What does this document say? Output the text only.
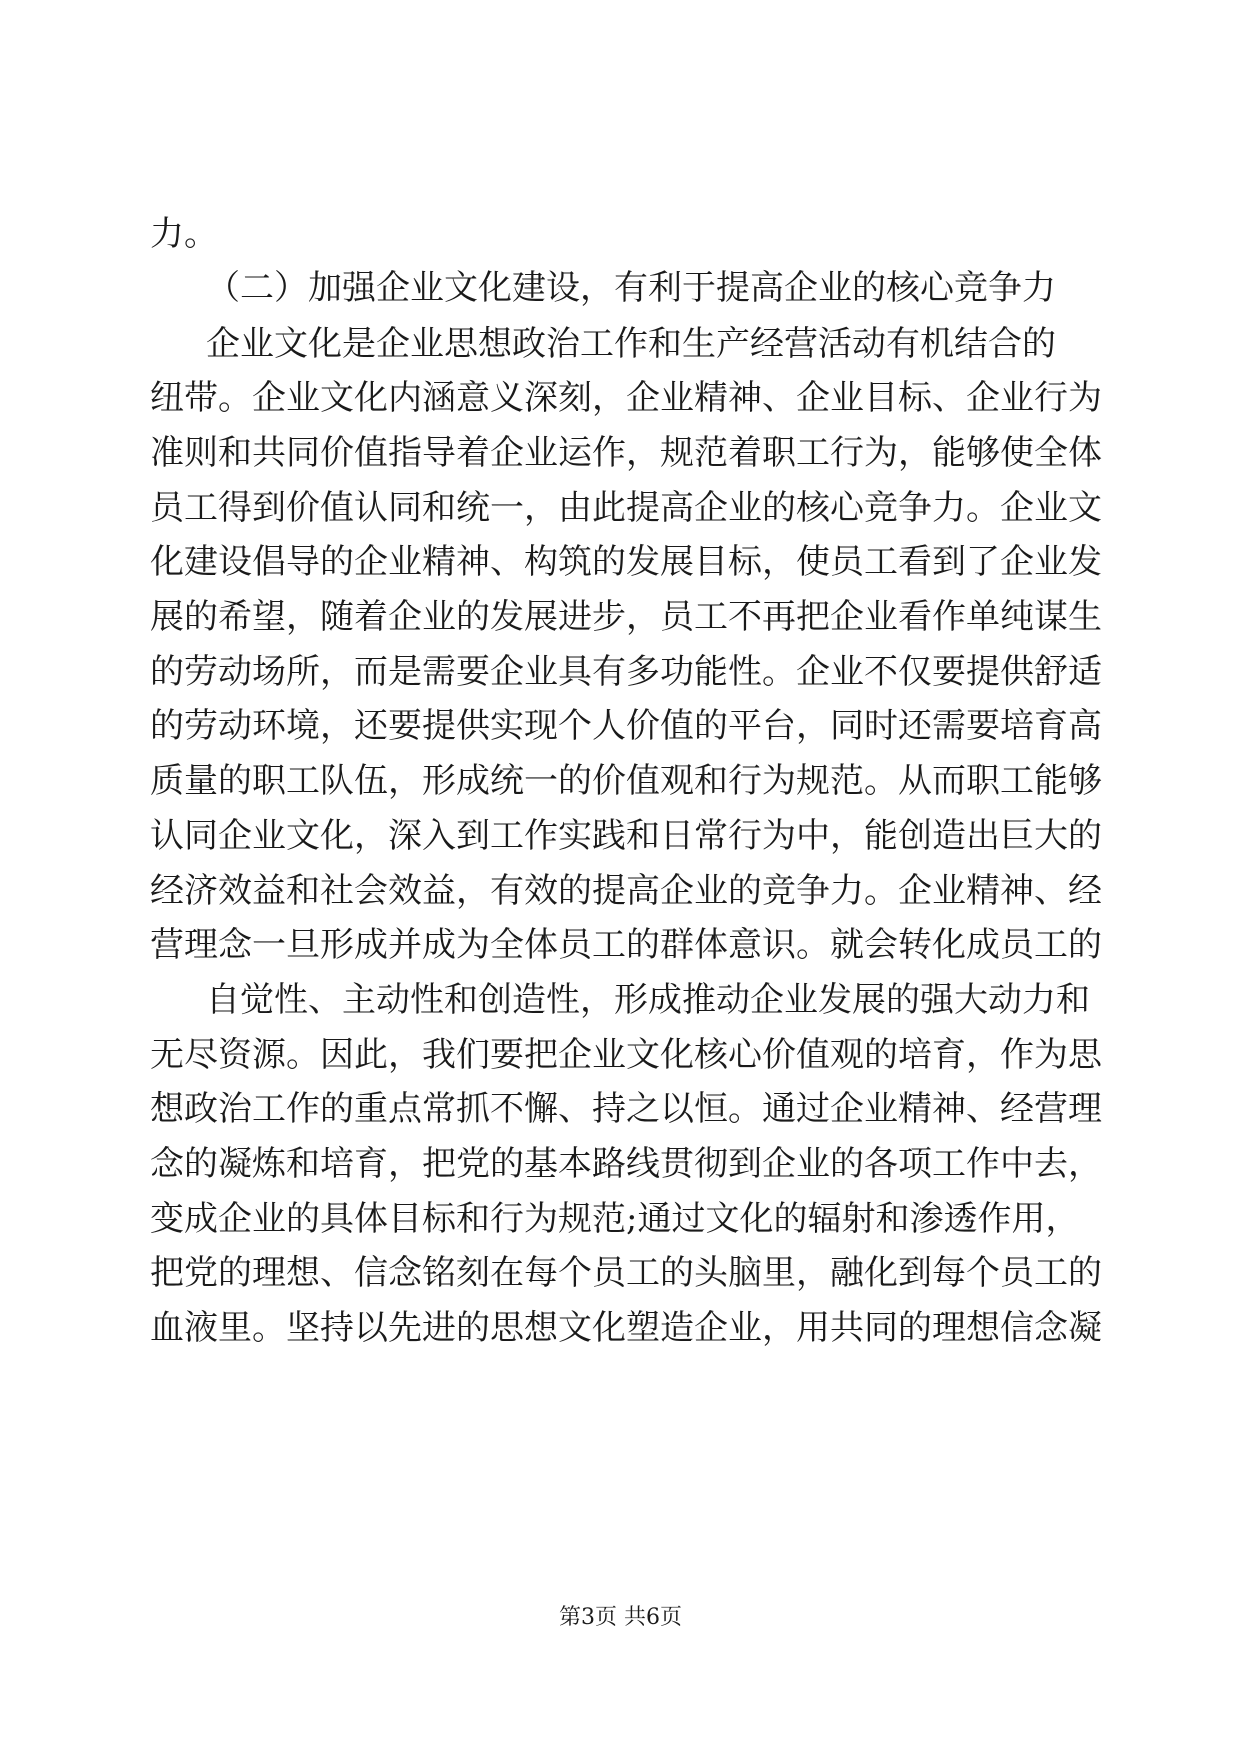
力。
（二）加强企业文化建设，有利于提高企业的核心竞争力
企业文化是企业思想政治工作和生产经营活动有机结合的
纽带。企业文化内涵意义深刻，企业精神、企业目标、企业行为
准则和共同价值指导着企业运作，规范着职工行为，能够使全体
员工得到价值认同和统一，由此提高企业的核心竞争力。企业文
化建设倡导的企业精神、构筑的发展目标，使员工看到了企业发
展的希望，随着企业的发展进步，员工不再把企业看作单纯谋生
的劳动场所，而是需要企业具有多功能性。企业不仅要提供舒适
的劳动环境，还要提供实现个人价值的平台，同时还需要培育高
质量的职工队伍，形成统一的价值观和行为规范。从而职工能够
认同企业文化，深入到工作实践和日常行为中，能创造出巨大的
经济效益和社会效益，有效的提高企业的竞争力。企业精神、经
营理念一旦形成并成为全体员工的群体意识。就会转化成员工的
自觉性、主动性和创造性，形成推动企业发展的强大动力和
无尽资源。因此，我们要把企业文化核心价值观的培育，作为思
想政治工作的重点常抓不懈、持之以恒。通过企业精神、经营理
念的凝炼和培育，把党的基本路线贯彻到企业的各项工作中去，
变成企业的具体目标和行为规范;通过文化的辐射和渗透作用，
把党的理想、信念铭刻在每个员工的头脑里，融化到每个员工的
血液里。坚持以先进的思想文化塑造企业，用共同的理想信念凝
第3页 共6页
